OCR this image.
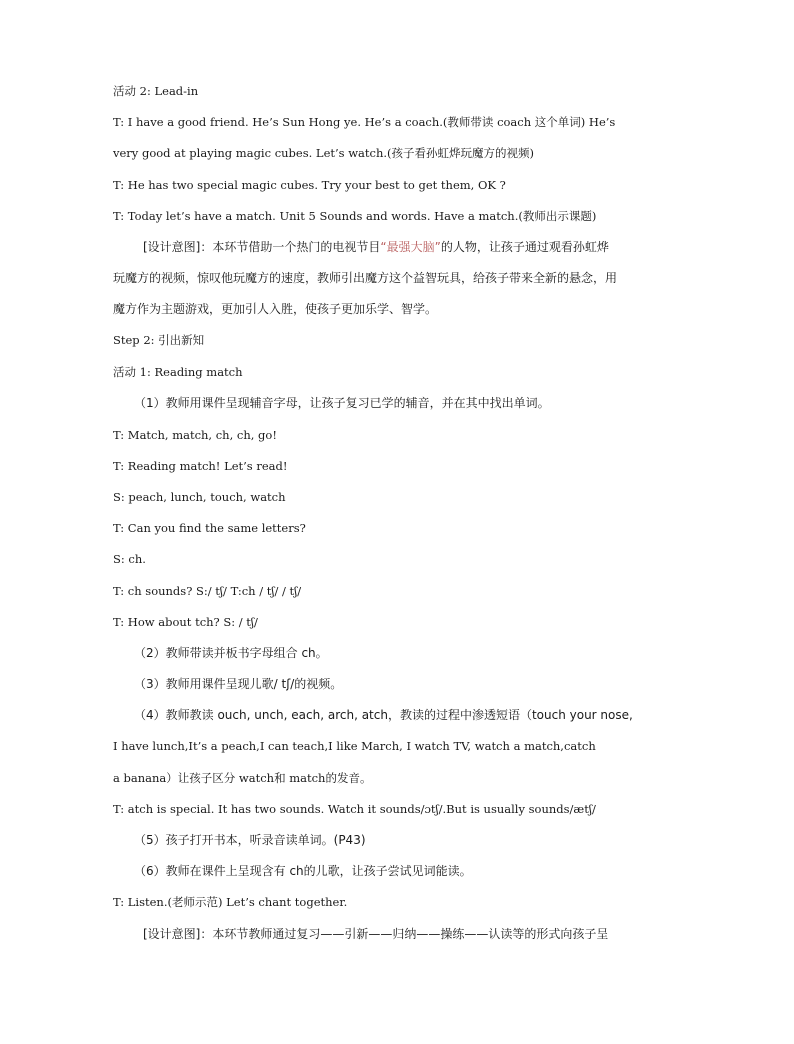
活动 2: Lead-in
T: I have a good friend. He’s Sun Hong ye. He’s a coach.(教师带读 coach 这个单词) He’s
very good at playing magic cubes. Let’s watch.(孩子看孙虹烨玩魔方的视频)
T: He has two special magic cubes. Try your best to get them, OK ?
T: Today let’s have a match. Unit 5 Sounds and words. Have a match.(教师出示课题)
[设计意图]：本环节借助一个热门的电视节目“最强大脑”的人物，让孩子通过观看孙虹烨
玩魔方的视频，惊叹他玩魔方的速度，教师引出魔方这个益智玩具，给孩子带来全新的悬念，用
魔方作为主题游戏，更加引人入胜，使孩子更加乐学、智学。
Step 2: 引出新知
活动 1: Reading match
（1）教师用课件呈现辅音字母，让孩子复习已学的辅音，并在其中找出单词。
T: Match, match, ch, ch, go!
T: Reading match! Let’s read!
S: peach, lunch, touch, watch
T: Can you find the same letters?
S: ch.
T: ch sounds? S:/ tʃ/ T:ch / tʃ/ / tʃ/
T: How about tch? S: / tʃ/
（2）教师带读并板书字母组合 ch。
（3）教师用课件呈现儿歌/ tʃ/的视频。
（4）教师教读 ouch, unch, each, arch, atch，教读的过程中渗透短语（touch your nose,
I have lunch,It’s a peach,I can teach,I like March, I watch TV, watch a match,catch
a banana）让孩子区分 watch和 match的发音。
T: atch is special. It has two sounds. Watch it sounds/ɔtʃ/.But is usually sounds/ætʃ/
（5）孩子打开书本，听录音读单词。(P43)
（6）教师在课件上呈现含有 ch的儿歌，让孩子尝试见词能读。
T: Listen.(老师示范) Let’s chant together.
[设计意图]：本环节教师通过复习——引新——归纳——操练——认读等的形式向孩子呈
